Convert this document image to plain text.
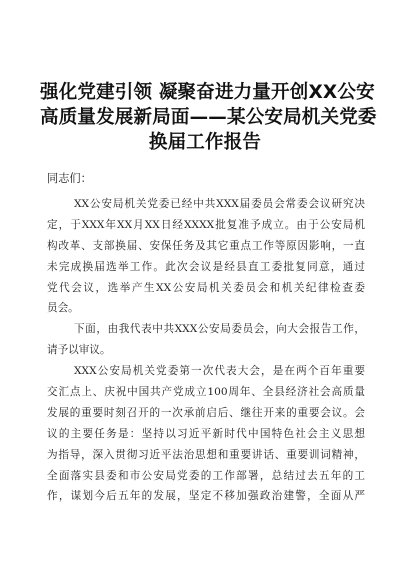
强化党建引领 凝聚奋进力量开创XX公安
高质量发展新局面——某公安局机关党委
换届工作报告
同志们：
XX公安局机关党委已经中共XXX届委员会常委会议研究决
定，于XXX年XX月XX日经XXXX批复准予成立。由于公安局机
构改革、支部换届、安保任务及其它重点工作等原因影响，一直
未完成换届选举工作。此次会议是经县直工委批复同意，通过
党代会议，选举产生XX公安局机关委员会和机关纪律检查委
员会。
下面，由我代表中共XXX公安局委员会，向大会报告工作，
请予以审议。
XXX公安局机关党委第一次代表大会，是在两个百年重要
交汇点上、庆祝中国共产党成立100周年、全县经济社会高质量
发展的重要时刻召开的一次承前启后、继往开来的重要会议。会
议的主要任务是：坚持以习近平新时代中国特色社会主义思想
为指导，深入贯彻习近平法治思想和重要讲话、重要训词精神，
全面落实县委和市公安局党委的工作部署，总结过去五年的工
作，谋划今后五年的发展，坚定不移加强政治建警，全面从严
